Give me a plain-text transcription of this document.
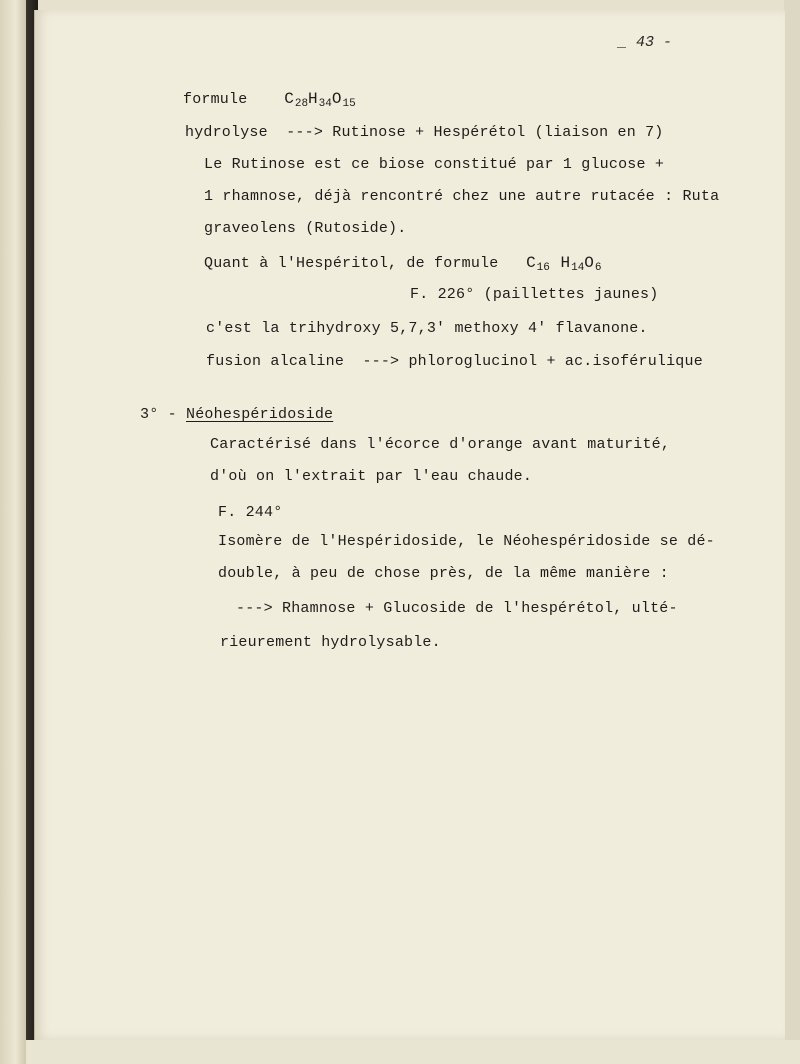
_ 43 -
formule $C_{28}H_{34}O_{15}$
hydrolyse ---> Rutinose + Hespérétol (liaison en 7)
Le Rutinose est ce biose constitué par 1 glucose +
1 rhamnose, déjà rencontré chez une autre rutacée : Ruta
graveolens (Rutoside).
Quant à l'Hespéritol, de formule $C_{16}$ $H_{14}O_6$
F. 226° (paillettes jaunes)
c'est la trihydroxy 5,7,3' methoxy 4' flavanone.
fusion alcaline ---> phloroglucinol + ac.isoférulique
3° - Néohespéridoside
Caractérisé dans l'écorce d'orange avant maturité,
d'où on l'extrait par l'eau chaude.
F. 244°
Isomère de l'Hespéridoside, le Néohespéridoside se dé-
double, à peu de chose près, de la même manière :
---> Rhamnose + Glucoside de l'hespérétol, ulté-
rieurement hydrolysable.
